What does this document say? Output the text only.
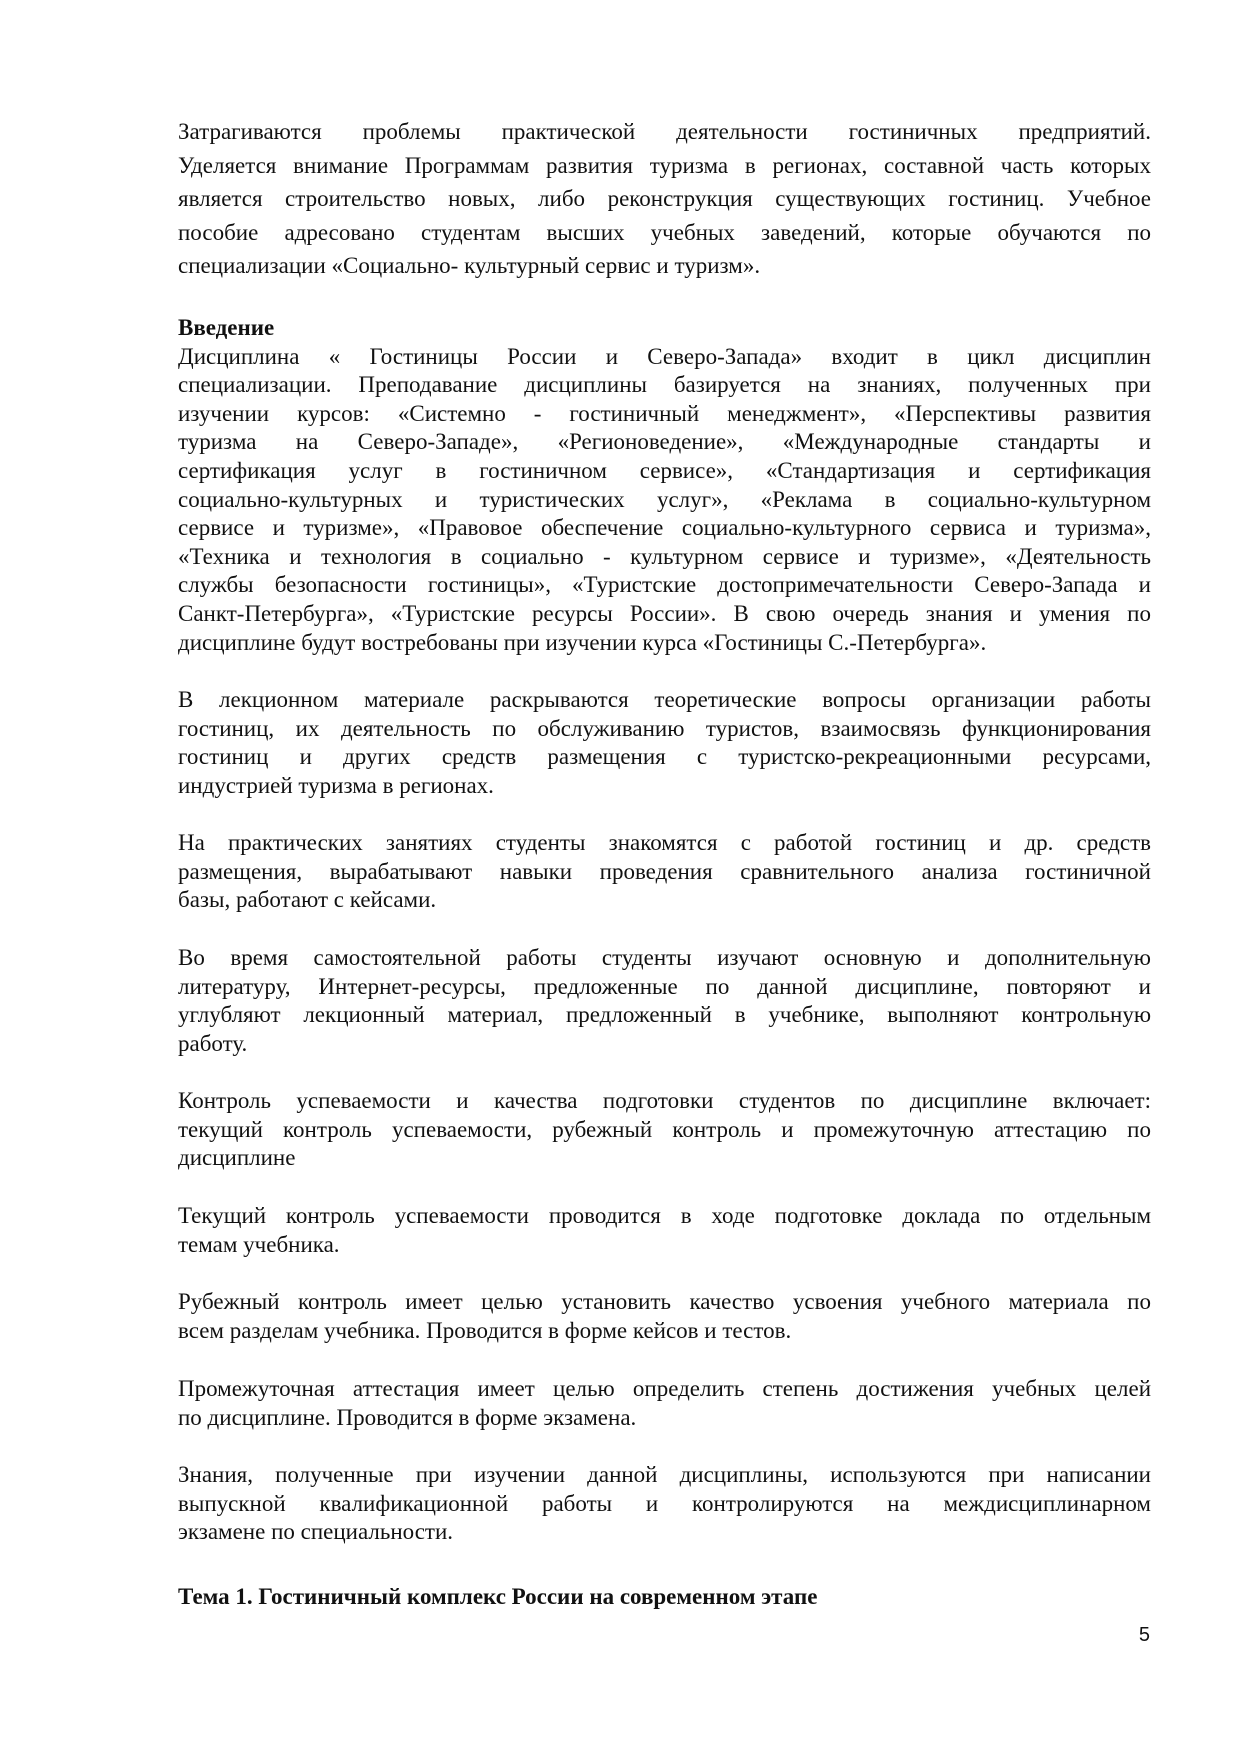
Затрагиваются проблемы практической деятельности гостиничных предприятий.
Уделяется внимание Программам развития туризма в регионах, составной часть которых
является строительство новых, либо реконструкция существующих гостиниц. Учебное
пособие адресовано студентам высших учебных заведений, которые обучаются по
специализации «Социально- культурный сервис и туризм».
Введение
Дисциплина « Гостиницы России и Северо-Запада» входит в цикл дисциплин
специализации. Преподавание дисциплины базируется на знаниях, полученных при
изучении курсов: «Системно - гостиничный менеджмент», «Перспективы развития
туризма на Северо-Западе», «Регионоведение», «Международные стандарты и
сертификация услуг в гостиничном сервисе», «Стандартизация и сертификация
социально-культурных и туристических услуг», «Реклама в социально-культурном
сервисе и туризме», «Правовое обеспечение социально-культурного сервиса и туризма»,
«Техника и технология в социально - культурном сервисе и туризме», «Деятельность
службы безопасности гостиницы», «Туристские достопримечательности Северо-Запада и
Санкт-Петербурга», «Туристские ресурсы России». В свою очередь знания и умения по
дисциплине будут востребованы при изучении курса «Гостиницы С.-Петербурга».
В лекционном материале раскрываются теоретические вопросы организации работы
гостиниц, их деятельность по обслуживанию туристов, взаимосвязь функционирования
гостиниц и других средств размещения с туристско-рекреационными ресурсами,
индустрией туризма в регионах.
На практических занятиях студенты знакомятся с работой гостиниц и др. средств
размещения, вырабатывают навыки проведения сравнительного анализа гостиничной
базы, работают с кейсами.
Во время самостоятельной работы студенты изучают основную и дополнительную
литературу, Интернет-ресурсы, предложенные по данной дисциплине, повторяют и
углубляют лекционный материал, предложенный в учебнике, выполняют контрольную
работу.
Контроль успеваемости и качества подготовки студентов по дисциплине включает:
текущий контроль успеваемости, рубежный контроль и промежуточную аттестацию по
дисциплине
Текущий контроль успеваемости проводится в ходе подготовке доклада по отдельным
темам учебника.
Рубежный контроль имеет целью установить качество усвоения учебного материала по
всем разделам учебника. Проводится в форме кейсов и тестов.
Промежуточная аттестация имеет целью определить степень достижения учебных целей
по дисциплине. Проводится в форме экзамена.
Знания, полученные при изучении данной дисциплины, используются при написании
выпускной квалификационной работы и контролируются на междисциплинарном
экзамене по специальности.
Тема 1. Гостиничный комплекс России на современном этапе
5
